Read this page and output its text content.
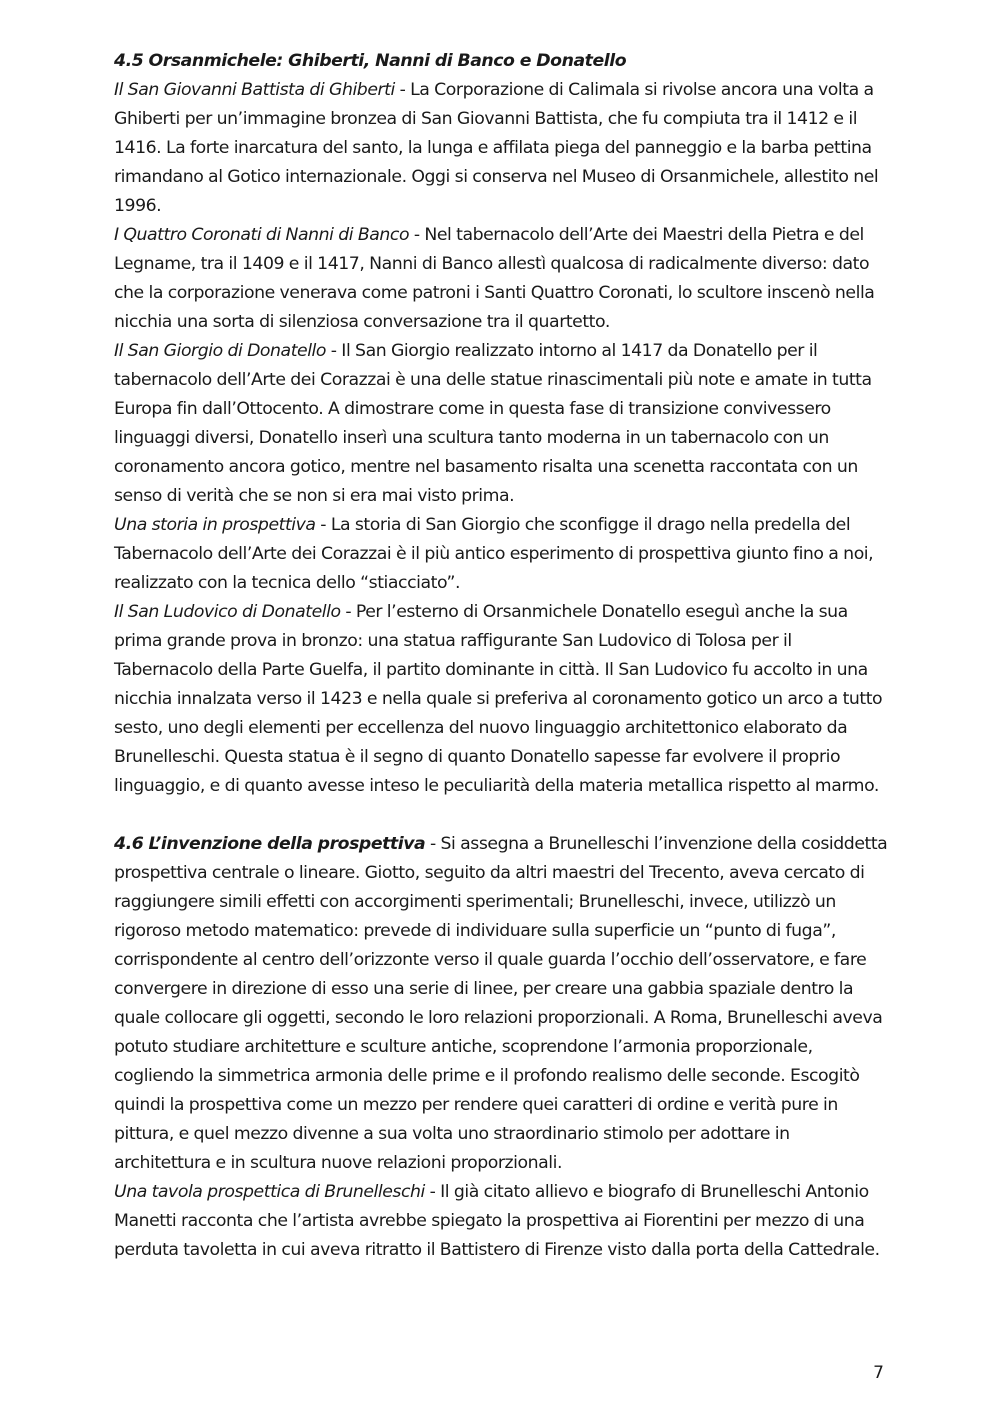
4.5 Orsanmichele: Ghiberti, Nanni di Banco e Donatello

Il San Giovanni Battista di Ghiberti - La Corporazione di Calimala si rivolse ancora una volta a Ghiberti per un’immagine bronzea di San Giovanni Battista, che fu compiuta tra il 1412 e il 1416. La forte inarcatura del santo, la lunga e affilata piega del panneggio e la barba pettina rimandano al Gotico internazionale. Oggi si conserva nel Museo di Orsanmichele, allestito nel 1996.

I Quattro Coronati di Nanni di Banco - Nel tabernacolo dell’Arte dei Maestri della Pietra e del Legname, tra il 1409 e il 1417, Nanni di Banco allestì qualcosa di radicalmente diverso: dato che la corporazione venerava come patroni i Santi Quattro Coronati, lo scultore inscenò nella nicchia una sorta di silenziosa conversazione tra il quartetto.

Il San Giorgio di Donatello - Il San Giorgio realizzato intorno al 1417 da Donatello per il tabernacolo dell’Arte dei Corazzai è una delle statue rinascimentali più note e amate in tutta Europa fin dall’Ottocento. A dimostrare come in questa fase di transizione convivessero linguaggi diversi, Donatello inserì una scultura tanto moderna in un tabernacolo con un coronamento ancora gotico, mentre nel basamento risalta una scenetta raccontata con un senso di verità che se non si era mai visto prima.

Una storia in prospettiva - La storia di San Giorgio che sconfigge il drago nella predella del Tabernacolo dell’Arte dei Corazzai è il più antico esperimento di prospettiva giunto fino a noi, realizzato con la tecnica dello “stiacciato”.

Il San Ludovico di Donatello - Per l’esterno di Orsanmichele Donatello eseguì anche la sua prima grande prova in bronzo: una statua raffigurante San Ludovico di Tolosa per il Tabernacolo della Parte Guelfa, il partito dominante in città. Il San Ludovico fu accolto in una nicchia innalzata verso il 1423 e nella quale si preferiva al coronamento gotico un arco a tutto sesto, uno degli elementi per eccellenza del nuovo linguaggio architettonico elaborato da Brunelleschi. Questa statua è il segno di quanto Donatello sapesse far evolvere il proprio linguaggio, e di quanto avesse inteso le peculiarità della materia metallica rispetto al marmo.

4.6 L’invenzione della prospettiva - Si assegna a Brunelleschi l’invenzione della cosiddetta prospettiva centrale o lineare. Giotto, seguito da altri maestri del Trecento, aveva cercato di raggiungere simili effetti con accorgimenti sperimentali; Brunelleschi, invece, utilizzò un rigoroso metodo matematico: prevede di individuare sulla superficie un “punto di fuga”, corrispondente al centro dell’orizzonte verso il quale guarda l’occhio dell’osservatore, e fare convergere in direzione di esso una serie di linee, per creare una gabbia spaziale dentro la quale collocare gli oggetti, secondo le loro relazioni proporzionali. A Roma, Brunelleschi aveva potuto studiare architetture e sculture antiche, scoprendone l’armonia proporzionale, cogliendo la simmetrica armonia delle prime e il profondo realismo delle seconde. Escogitò quindi la prospettiva come un mezzo per rendere quei caratteri di ordine e verità pure in pittura, e quel mezzo divenne a sua volta uno straordinario stimolo per adottare in architettura e in scultura nuove relazioni proporzionali.

Una tavola prospettica di Brunelleschi - Il già citato allievo e biografo di Brunelleschi Antonio Manetti racconta che l’artista avrebbe spiegato la prospettiva ai Fiorentini per mezzo di una perduta tavoletta in cui aveva ritratto il Battistero di Firenze visto dalla porta della Cattedrale.

7
